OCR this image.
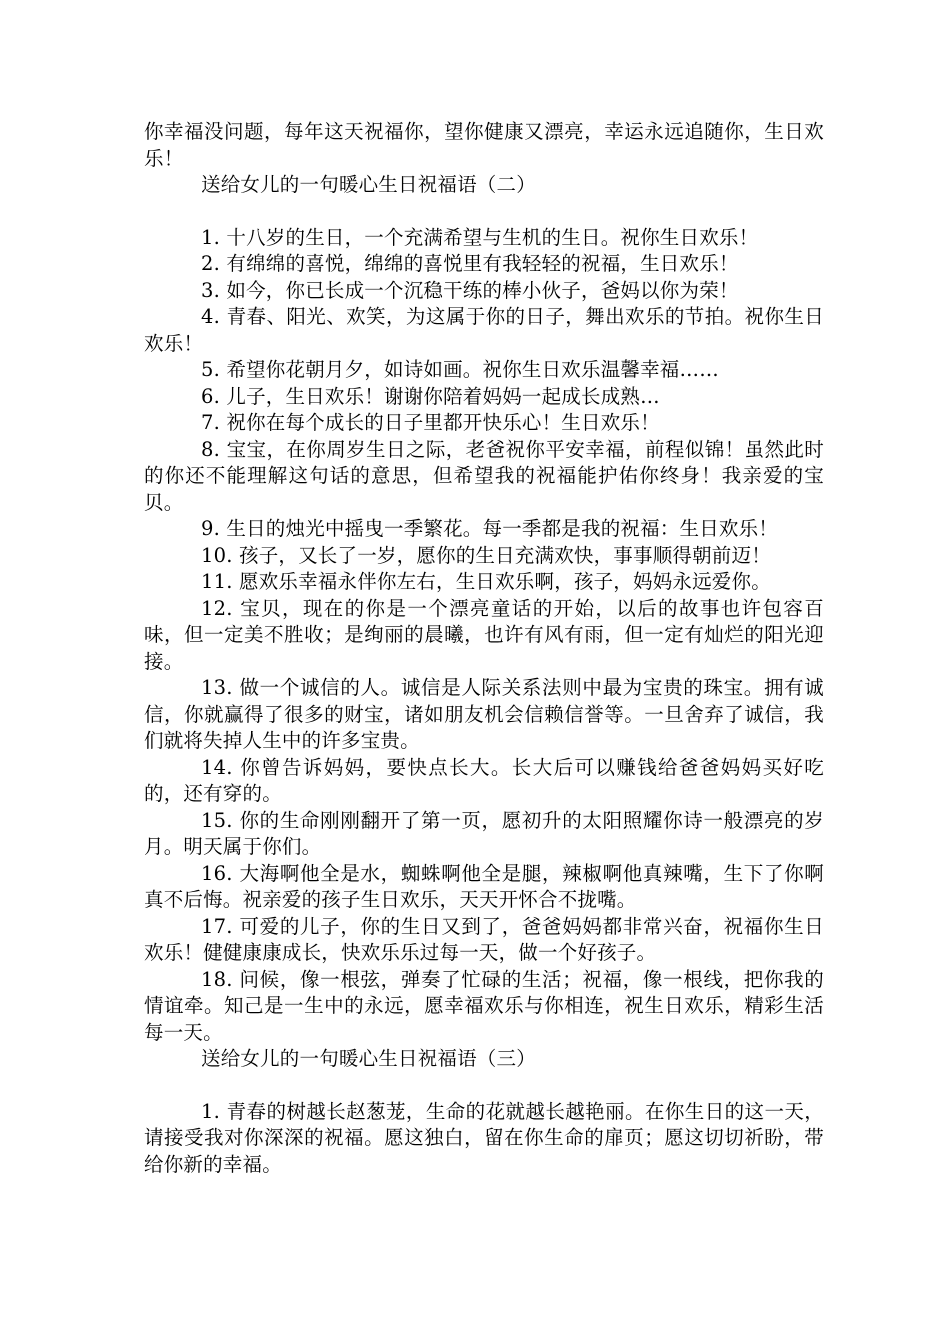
你幸福没问题，每年这天祝福你，望你健康又漂亮，幸运永远追随你，生日欢乐！

送给女儿的一句暖心生日祝福语（二）

1. 十八岁的生日，一个充满希望与生机的生日。祝你生日欢乐！

2. 有绵绵的喜悦，绵绵的喜悦里有我轻轻的祝福，生日欢乐！

3. 如今，你已长成一个沉稳干练的棒小伙子，爸妈以你为荣！

4. 青春、阳光、欢笑，为这属于你的日子，舞出欢乐的节拍。祝你生日欢乐！

5. 希望你花朝月夕，如诗如画。祝你生日欢乐温馨幸福……

6. 儿子，生日欢乐！谢谢你陪着妈妈一起成长成熟…

7. 祝你在每个成长的日子里都开快乐心！生日欢乐！

8. 宝宝，在你周岁生日之际，老爸祝你平安幸福，前程似锦！虽然此时的你还不能理解这句话的意思，但希望我的祝福能护佑你终身！我亲爱的宝贝。

9. 生日的烛光中摇曳一季繁花。每一季都是我的祝福：生日欢乐！

10. 孩子，又长了一岁，愿你的生日充满欢快，事事顺得朝前迈！

11. 愿欢乐幸福永伴你左右，生日欢乐啊，孩子，妈妈永远爱你。

12. 宝贝，现在的你是一个漂亮童话的开始，以后的故事也许包容百味，但一定美不胜收；是绚丽的晨曦，也许有风有雨，但一定有灿烂的阳光迎接。

13. 做一个诚信的人。诚信是人际关系法则中最为宝贵的珠宝。拥有诚信，你就赢得了很多的财宝，诸如朋友机会信赖信誉等。一旦舍弃了诚信，我们就将失掉人生中的许多宝贵。

14. 你曾告诉妈妈，要快点长大。长大后可以赚钱给爸爸妈妈买好吃的，还有穿的。

15. 你的生命刚刚翻开了第一页，愿初升的太阳照耀你诗一般漂亮的岁月。明天属于你们。

16. 大海啊他全是水，蜘蛛啊他全是腿，辣椒啊他真辣嘴，生下了你啊真不后悔。祝亲爱的孩子生日欢乐，天天开怀合不拢嘴。

17. 可爱的儿子，你的生日又到了，爸爸妈妈都非常兴奋，祝福你生日欢乐！健健康康成长，快欢乐乐过每一天，做一个好孩子。

18. 问候，像一根弦，弹奏了忙碌的生活；祝福，像一根线，把你我的情谊牵。知己是一生中的永远，愿幸福欢乐与你相连，祝生日欢乐，精彩生活每一天。

送给女儿的一句暖心生日祝福语（三）

1. 青春的树越长赵葱茏，生命的花就越长越艳丽。在你生日的这一天，请接受我对你深深的祝福。愿这独白，留在你生命的扉页；愿这切切祈盼，带给你新的幸福。
